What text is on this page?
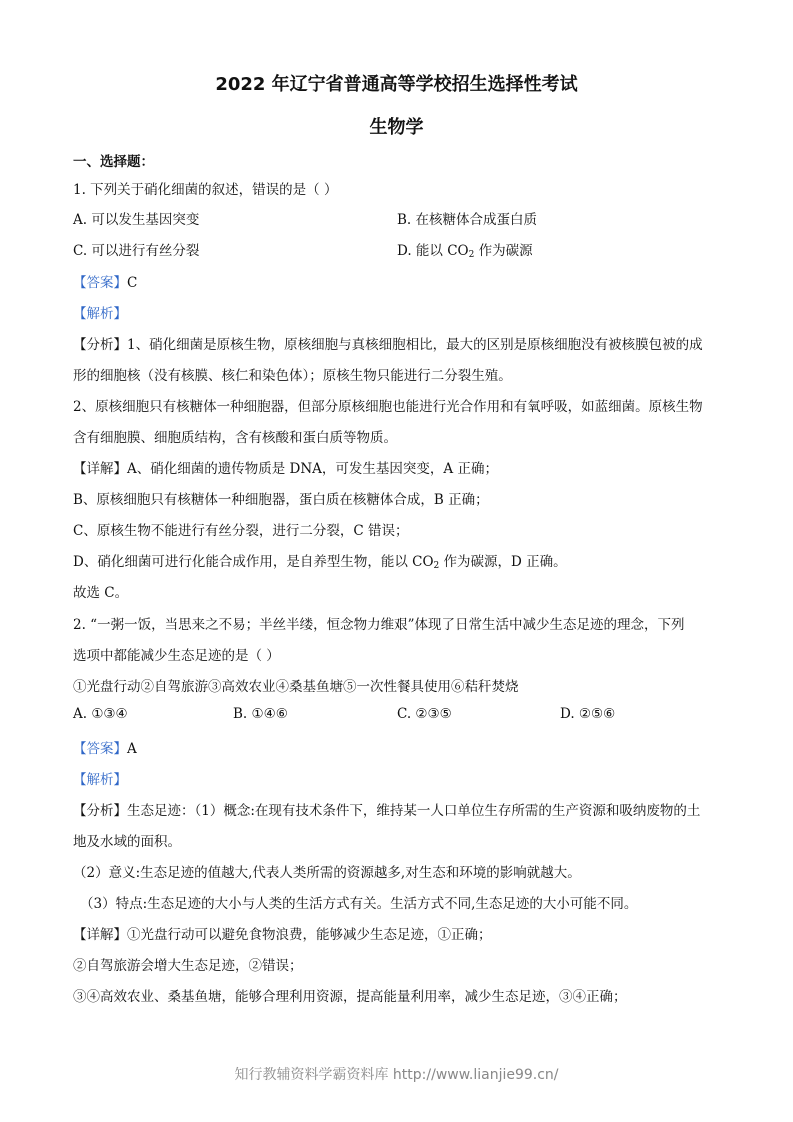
2022 年辽宁省普通高等学校招生选择性考试
生物学
一、选择题：
1. 下列关于硝化细菌的叙述，错误的是（ ）
A. 可以发生基因突变	B. 在核糖体合成蛋白质
C. 可以进行有丝分裂	D. 能以 $CO_2$ 作为碳源
【答案】C
【解析】
【分析】1、硝化细菌是原核生物，原核细胞与真核细胞相比，最大的区别是原核细胞没有被核膜包被的成
形的细胞核（没有核膜、核仁和染色体）；原核生物只能进行二分裂生殖。
2、原核细胞只有核糖体一种细胞器，但部分原核细胞也能进行光合作用和有氧呼吸，如蓝细菌。原核生物
含有细胞膜、细胞质结构，含有核酸和蛋白质等物质。
【详解】A、硝化细菌的遗传物质是 DNA，可发生基因突变，A 正确；
B、原核细胞只有核糖体一种细胞器，蛋白质在核糖体合成，B 正确；
C、原核生物不能进行有丝分裂，进行二分裂，C 错误；
D、硝化细菌可进行化能合成作用，是自养型生物，能以 $CO_2$ 作为碳源，D 正确。
故选 C。
2. “一粥一饭，当思来之不易；半丝半缕，恒念物力维艰”体现了日常生活中减少生态足迹的理念，下列
选项中都能减少生态足迹的是（ ）
①光盘行动②自驾旅游③高效农业④桑基鱼塘⑤一次性餐具使用⑥秸秆焚烧
A. ①③④	B. ①④⑥	C. ②③⑤	D. ②⑤⑥
【答案】A
【解析】
【分析】生态足迹：（1）概念:在现有技术条件下，维持某一人口单位生存所需的生产资源和吸纳废物的土
地及水域的面积。
（2）意义:生态足迹的值越大,代表人类所需的资源越多,对生态和环境的影响就越大。
（3）特点:生态足迹的大小与人类的生活方式有关。生活方式不同,生态足迹的大小可能不同。
【详解】①光盘行动可以避免食物浪费，能够减少生态足迹，①正确；
②自驾旅游会增大生态足迹，②错误；
③④高效农业、桑基鱼塘，能够合理利用资源，提高能量利用率，减少生态足迹，③④正确；
知行教辅资料学霸资料库 http://www.lianjie99.cn/
